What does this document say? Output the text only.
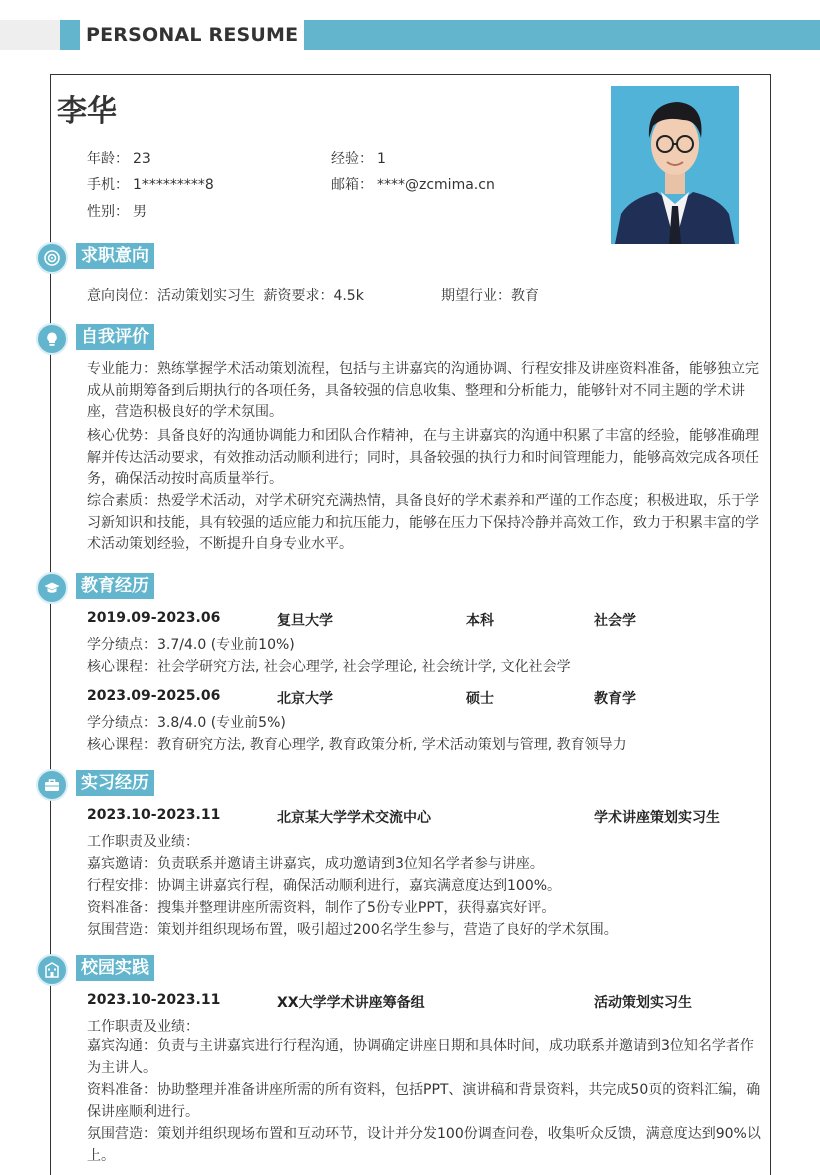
PERSONAL RESUME
李华
年龄： 23	经验： 1
手机： 1*********8	邮箱： ****@zcmima.cn
性别： 男
求职意向
意向岗位：活动策划实习生 薪资要求：4.5k	期望行业：教育
自我评价
专业能力：熟练掌握学术活动策划流程，包括与主讲嘉宾的沟通协调、行程安排及讲座资料准备，能够独立完成从前期筹备到后期执行的各项任务，具备较强的信息收集、整理和分析能力，能够针对不同主题的学术讲座，营造积极良好的学术氛围。
核心优势：具备良好的沟通协调能力和团队合作精神，在与主讲嘉宾的沟通中积累了丰富的经验，能够准确理解并传达活动要求，有效推动活动顺利进行；同时，具备较强的执行力和时间管理能力，能够高效完成各项任务，确保活动按时高质量举行。
综合素质：热爱学术活动，对学术研究充满热情，具备良好的学术素养和严谨的工作态度；积极进取，乐于学习新知识和技能，具有较强的适应能力和抗压能力，能够在压力下保持冷静并高效工作，致力于积累丰富的学术活动策划经验，不断提升自身专业水平。
教育经历
2019.09-2023.06	复旦大学	本科	社会学
学分绩点：3.7/4.0 (专业前10%)
核心课程：社会学研究方法, 社会心理学, 社会学理论, 社会统计学, 文化社会学
2023.09-2025.06	北京大学	硕士	教育学
学分绩点：3.8/4.0 (专业前5%)
核心课程：教育研究方法, 教育心理学, 教育政策分析, 学术活动策划与管理, 教育领导力
实习经历
2023.10-2023.11	北京某大学学术交流中心	学术讲座策划实习生
工作职责及业绩：
嘉宾邀请：负责联系并邀请主讲嘉宾，成功邀请到3位知名学者参与讲座。
行程安排：协调主讲嘉宾行程，确保活动顺利进行，嘉宾满意度达到100%。
资料准备：搜集并整理讲座所需资料，制作了5份专业PPT，获得嘉宾好评。
氛围营造：策划并组织现场布置，吸引超过200名学生参与，营造了良好的学术氛围。
校园实践
2023.10-2023.11	XX大学学术讲座筹备组	活动策划实习生
工作职责及业绩：
嘉宾沟通：负责与主讲嘉宾进行行程沟通，协调确定讲座日期和具体时间，成功联系并邀请到3位知名学者作为主讲人。
资料准备：协助整理并准备讲座所需的所有资料，包括PPT、演讲稿和背景资料，共完成50页的资料汇编，确保讲座顺利进行。
氛围营造：策划并组织现场布置和互动环节，设计并分发100份调查问卷，收集听众反馈，满意度达到90%以上。
